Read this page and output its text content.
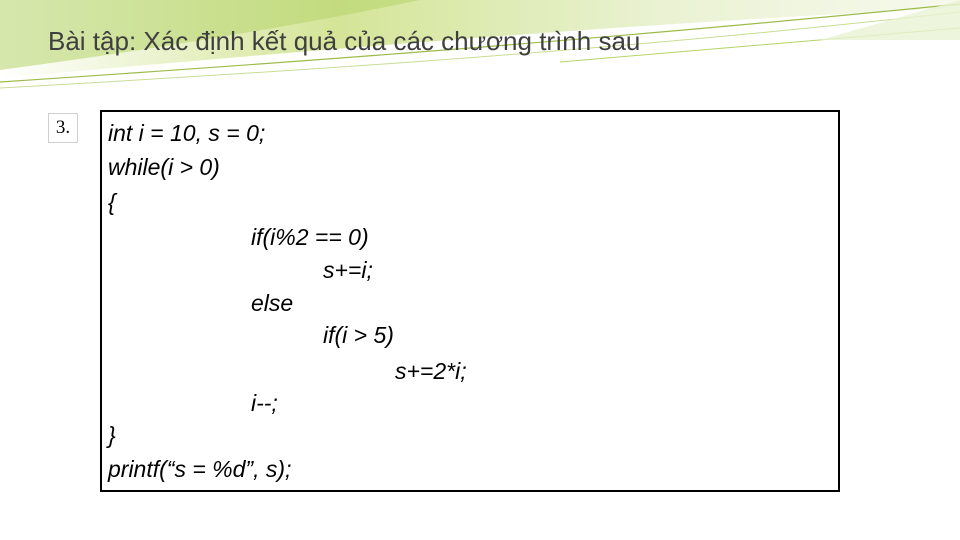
Bài tập: Xác định kết quả của các chương trình sau
3.	int i = 10, s = 0;
while(i > 0)
{
if(i%2 == 0)
s+=i;
else
if(i > 5)
s+=2*i;
i--;
}
printf(“s = %d”, s);
